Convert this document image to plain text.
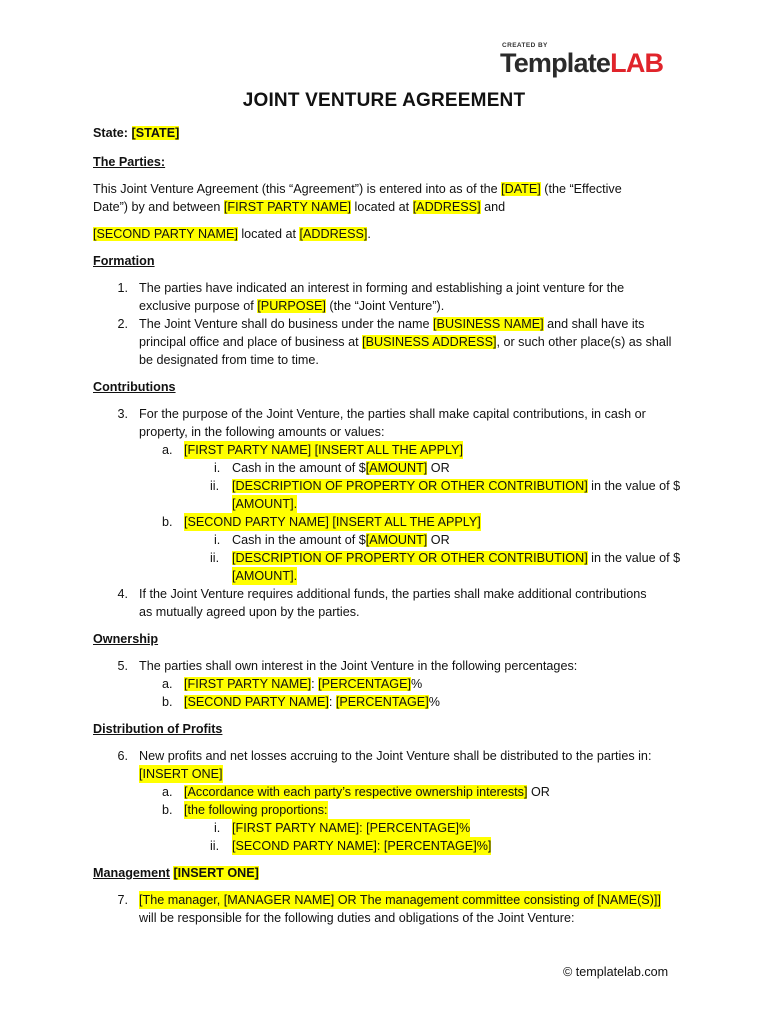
CREATED BY
TemplateLAB
JOINT VENTURE AGREEMENT
State: [STATE]
The Parties:
This Joint Venture Agreement (this “Agreement”) is entered into as of the [DATE] (the “Effective
Date”) by and between [FIRST PARTY NAME] located at [ADDRESS] and
[SECOND PARTY NAME] located at [ADDRESS].
Formation
1. The parties have indicated an interest in forming and establishing a joint venture for the
exclusive purpose of [PURPOSE] (the “Joint Venture”).
2. The Joint Venture shall do business under the name [BUSINESS NAME] and shall have its
principal office and place of business at [BUSINESS ADDRESS], or such other place(s) as shall
be designated from time to time.
Contributions
3. For the purpose of the Joint Venture, the parties shall make capital contributions, in cash or
property, in the following amounts or values:
a. [FIRST PARTY NAME] [INSERT ALL THE APPLY]
i. Cash in the amount of $[AMOUNT] OR
ii. [DESCRIPTION OF PROPERTY OR OTHER CONTRIBUTION] in the value of $
[AMOUNT].
b. [SECOND PARTY NAME] [INSERT ALL THE APPLY]
i. Cash in the amount of $[AMOUNT] OR
ii. [DESCRIPTION OF PROPERTY OR OTHER CONTRIBUTION] in the value of $
[AMOUNT].
4. If the Joint Venture requires additional funds, the parties shall make additional contributions
as mutually agreed upon by the parties.
Ownership
5. The parties shall own interest in the Joint Venture in the following percentages:
a. [FIRST PARTY NAME]: [PERCENTAGE]%
b. [SECOND PARTY NAME]: [PERCENTAGE]%
Distribution of Profits
6. New profits and net losses accruing to the Joint Venture shall be distributed to the parties in:
[INSERT ONE]
a. [Accordance with each party’s respective ownership interests] OR
b. [the following proportions:
i. [FIRST PARTY NAME]: [PERCENTAGE]%
ii. [SECOND PARTY NAME]: [PERCENTAGE]%]
Management [INSERT ONE]
7. [The manager, [MANAGER NAME] OR The management committee consisting of [NAME(S)]]
will be responsible for the following duties and obligations of the Joint Venture:
© templatelab.com
